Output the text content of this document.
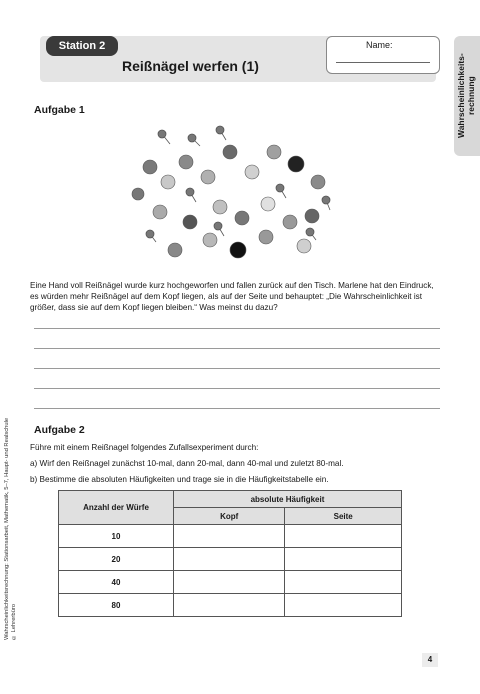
Station 2
Reißnägel werfen (1)
Name:
Wahrscheinlichkeits-
rechnung
Aufgabe 1
Eine Hand voll Reißnägel wurde kurz hochgeworfen und fallen zurück auf den Tisch. Marlene hat den Eindruck, es würden mehr Reißnägel auf dem Kopf liegen, als auf der Seite und behauptet: „Die Wahrscheinlichkeit ist größer, dass sie auf dem Kopf liegen bleiben.“ Was meinst du dazu?
Aufgabe 2
Führe mit einem Reißnagel folgendes Zufallsexperiment durch:
a) Wirf den Reißnagel zunächst 10-mal, dann 20-mal, dann 40-mal und zuletzt 80-mal.
b) Bestimme die absoluten Häufigkeiten und trage sie in die Häufigkeitstabelle ein.
Anzahl der Würfe	absolute Häufigkeit	
	Kopf	Seite
10		
20		
40		
80		
Wahrscheinlichkeitsrechnung: Stationsarbeit, Mathematik, 5–7, Haupt- und Realschule
© Lehrerbüro
4
